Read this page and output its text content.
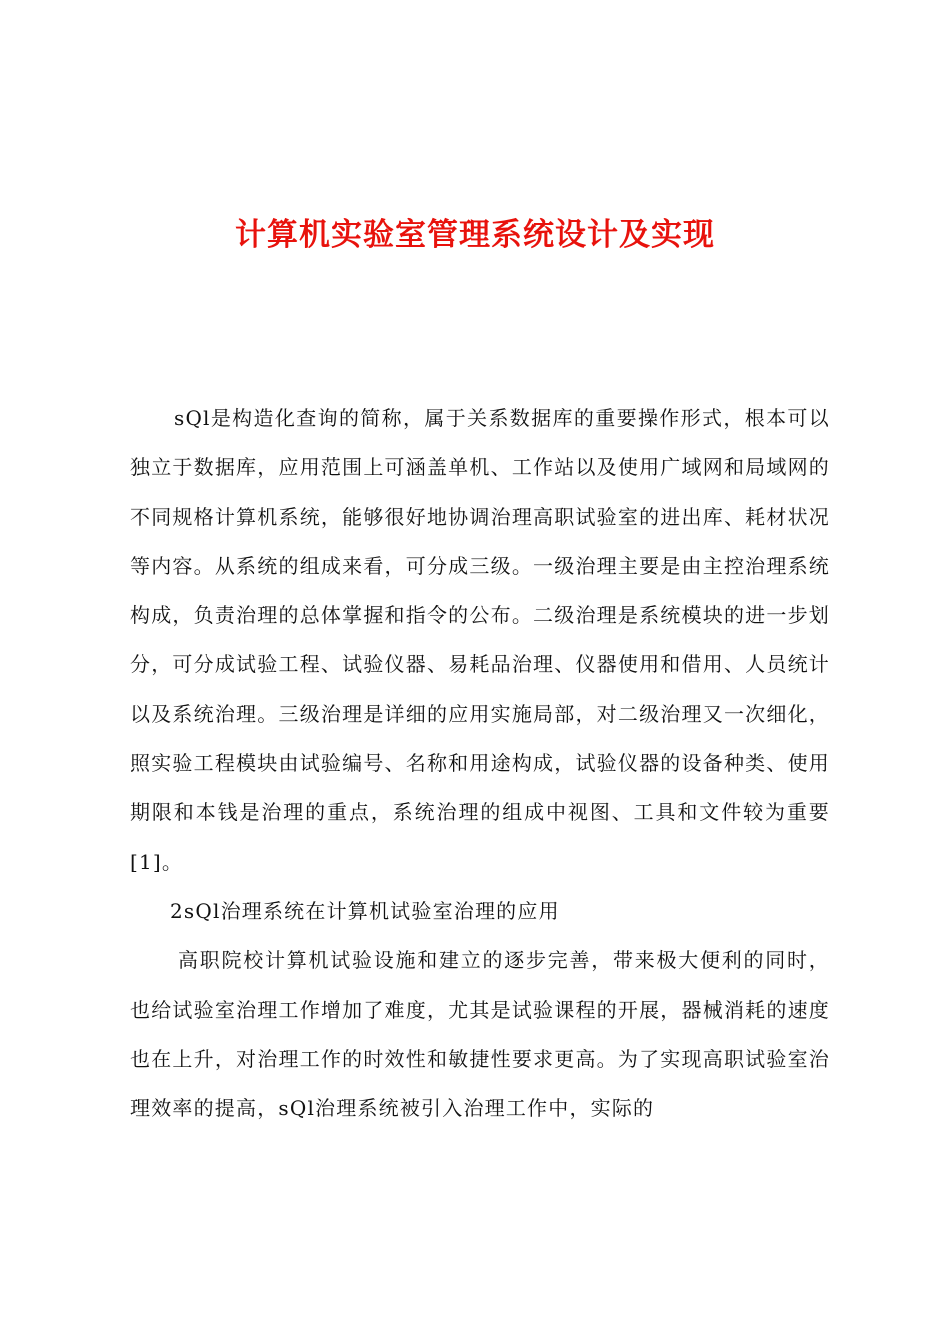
计算机实验室管理系统设计及实现

sQl是构造化查询的简称，属于关系数据库的重要操作形式，根本可以独立于数据库，应用范围上可涵盖单机、工作站以及使用广域网和局域网的不同规格计算机系统，能够很好地协调治理高职试验室的进出库、耗材状况等内容。从系统的组成来看，可分成三级。一级治理主要是由主控治理系统构成，负责治理的总体掌握和指令的公布。二级治理是系统模块的进一步划分，可分成试验工程、试验仪器、易耗品治理、仪器使用和借用、人员统计以及系统治理。三级治理是详细的应用实施局部，对二级治理又一次细化，照实验工程模块由试验编号、名称和用途构成，试验仪器的设备种类、使用期限和本钱是治理的重点，系统治理的组成中视图、工具和文件较为重要[1]。

2sQl治理系统在计算机试验室治理的应用

高职院校计算机试验设施和建立的逐步完善，带来极大便利的同时，也给试验室治理工作增加了难度，尤其是试验课程的开展，器械消耗的速度也在上升，对治理工作的时效性和敏捷性要求更高。为了实现高职试验室治理效率的提高，sQl治理系统被引入治理工作中，实际的
